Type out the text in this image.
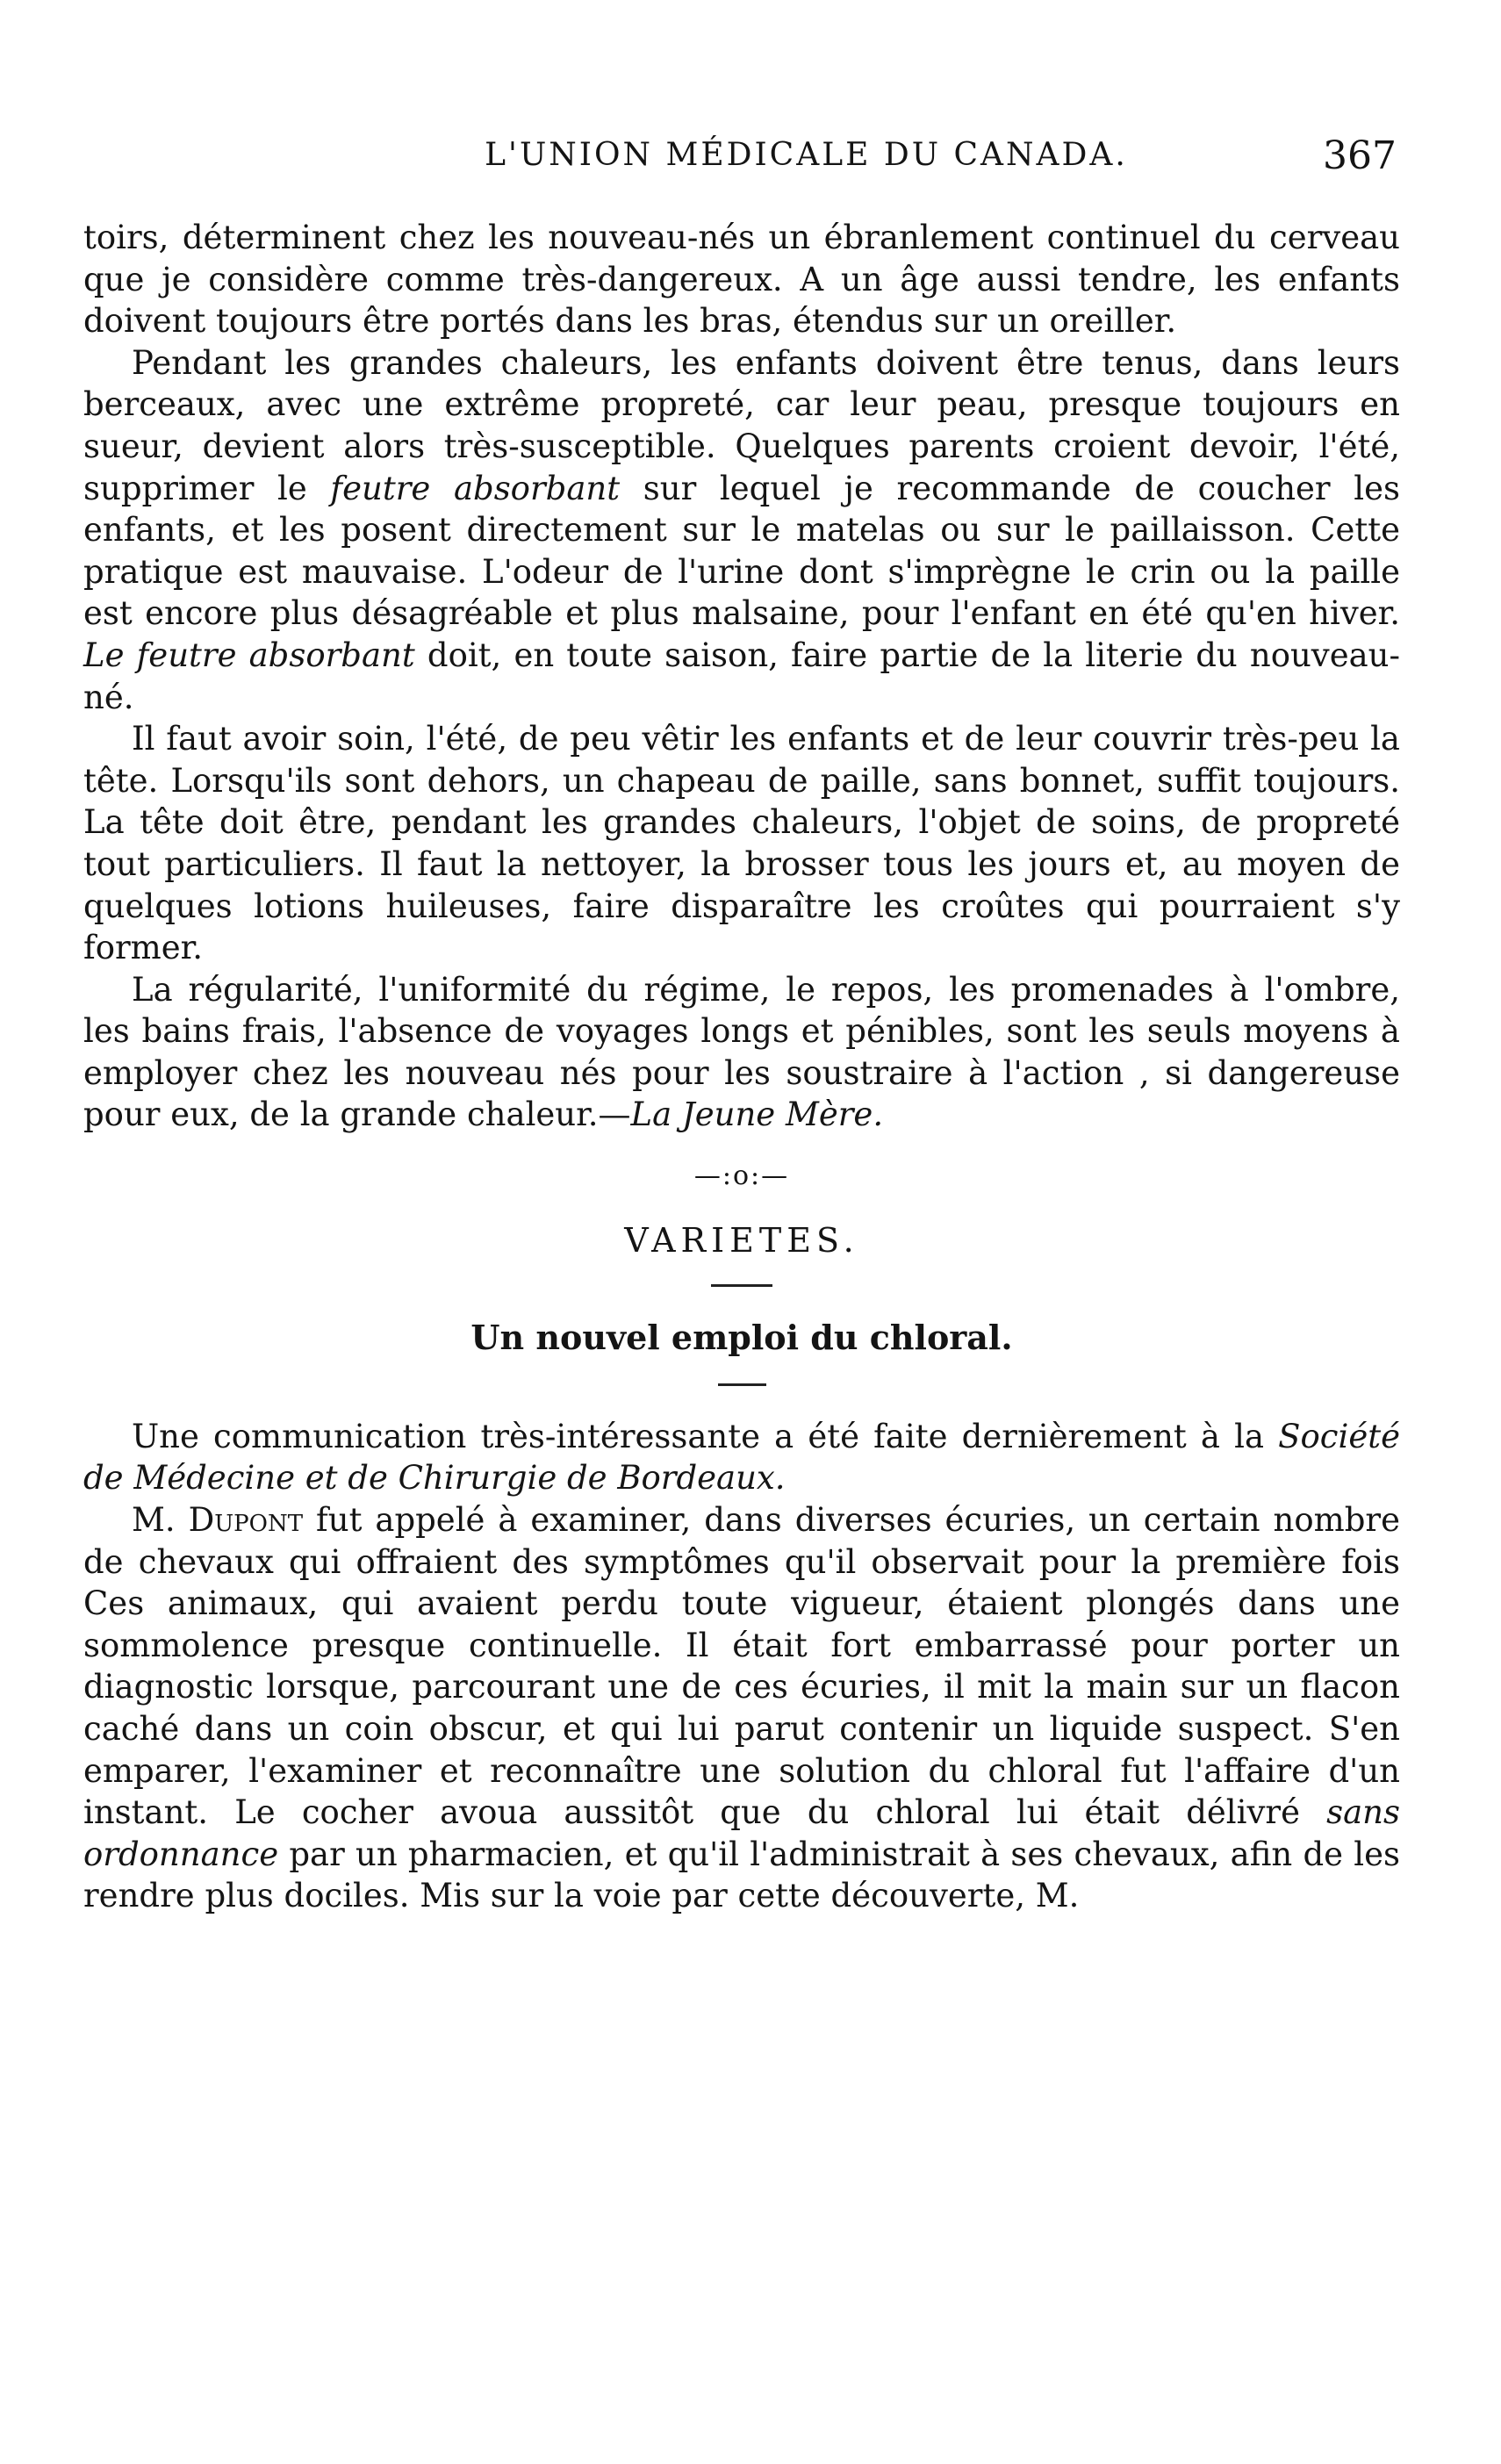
L'UNION MÉDICALE DU CANADA.	367

toirs, déterminent chez les nouveau-nés un ébranlement continuel du cerveau que je considère comme très-dangereux. A un âge aussi tendre, les enfants doivent toujours être portés dans les bras, étendus sur un oreiller.

Pendant les grandes chaleurs, les enfants doivent être tenus, dans leurs berceaux, avec une extrême propreté, car leur peau, presque toujours en sueur, devient alors très-susceptible. Quelques parents croient devoir, l'été, supprimer le feutre absorbant sur lequel je recommande de coucher les enfants, et les posent directement sur le matelas ou sur le paillaisson. Cette pratique est mauvaise. L'odeur de l'urine dont s'imprègne le crin ou la paille est encore plus désagréable et plus malsaine, pour l'enfant en été qu'en hiver. Le feutre absorbant doit, en toute saison, faire partie de la literie du nouveau-né.

Il faut avoir soin, l'été, de peu vêtir les enfants et de leur couvrir très-peu la tête. Lorsqu'ils sont dehors, un chapeau de paille, sans bonnet, suffit toujours. La tête doit être, pendant les grandes chaleurs, l'objet de soins, de propreté tout particuliers. Il faut la nettoyer, la brosser tous les jours et, au moyen de quelques lotions huileuses, faire disparaître les croûtes qui pourraient s'y former.

La régularité, l'uniformité du régime, le repos, les promenades à l'ombre, les bains frais, l'absence de voyages longs et pénibles, sont les seuls moyens à employer chez les nouveau nés pour les soustraire à l'action , si dangereuse pour eux, de la grande chaleur.—La Jeune Mère.

—:o:—
VARIETES.
Un nouvel emploi du chloral.

Une communication très-intéressante a été faite dernièrement à la Société de Médecine et de Chirurgie de Bordeaux.

M. Dupont fut appelé à examiner, dans diverses écuries, un certain nombre de chevaux qui offraient des symptômes qu'il observait pour la première fois Ces animaux, qui avaient perdu toute vigueur, étaient plongés dans une sommolence presque continuelle. Il était fort embarrassé pour porter un diagnostic lorsque, parcourant une de ces écuries, il mit la main sur un flacon caché dans un coin obscur, et qui lui parut contenir un liquide suspect. S'en emparer, l'examiner et reconnaître une solution du chloral fut l'affaire d'un instant. Le cocher avoua aussitôt que du chloral lui était délivré sans ordonnance par un pharmacien, et qu'il l'administrait à ses chevaux, afin de les rendre plus dociles. Mis sur la voie par cette découverte, M.
